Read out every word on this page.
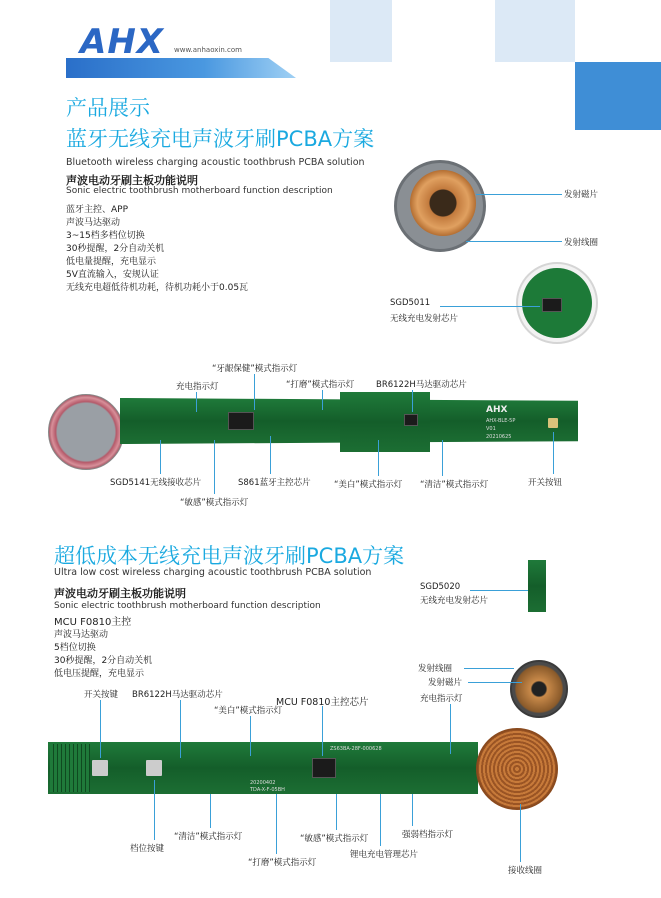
AHX www.anhaoxin.com
产品展示
蓝牙无线充电声波牙刷PCBA方案
Bluetooth wireless charging acoustic toothbrush PCBA solution
声波电动牙刷主板功能说明
Sonic electric toothbrush motherboard function description
蓝牙主控、APP
声波马达驱动
3~15档多档位切换
30秒提醒，2分自动关机
低电量提醒，充电显示
5V直流输入，安规认证
无线充电超低待机功耗，待机功耗小于0.05瓦
发射磁片
发射线圈
SGD5011
无线充电发射芯片
AHX
AHX-BLE-5P
V01
20210625
“牙龈保健”模式指示灯
充电指示灯	“打磨”模式指示灯	BR6122H马达驱动芯片
SGD5141无线接收芯片	S861蓝牙主控芯片	“美白”模式指示灯 “清洁”模式指示灯	开关按钮
“敏感”模式指示灯
超低成本无线充电声波牙刷PCBA方案
Ultra low cost wireless charging acoustic toothbrush PCBA solution
声波电动牙刷主板功能说明
Sonic electric toothbrush motherboard function description
MCU F0810主控
声波马达驱动
5档位切换
30秒提醒，2分自动关机
低电压提醒，充电显示
SGD5020
无线充电发射芯片
发射线圈
发射磁片
20200402
TDA-X-F-05BH
ZS63BA-28F-000628
开关按键 BR6122H马达驱动芯片
“美白”模式指示灯
MCU F0810主控芯片	充电指示灯
“清洁”模式指示灯
档位按键
“敏感”模式指示灯	强弱档指示灯
锂电充电管理芯片
“打磨”模式指示灯
接收线圈
